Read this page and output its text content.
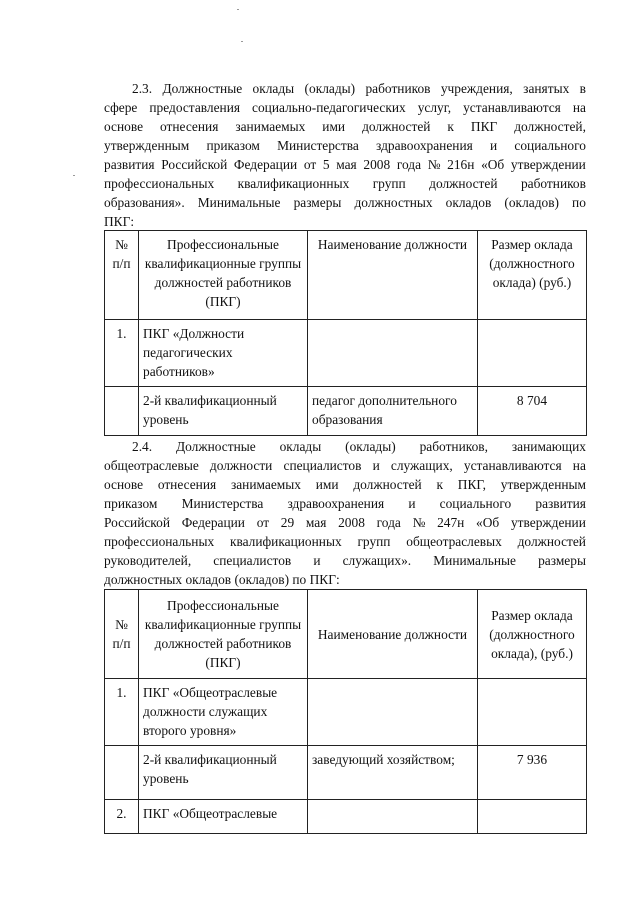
2.3. Должностные оклады (оклады) работников учреждения, занятых в
сфере предоставления социально-педагогических услуг, устанавливаются на
основе отнесения занимаемых ими должностей к ПКГ должностей,
утвержденным приказом Министерства здравоохранения и социального
развития Российской Федерации от 5 мая 2008 года № 216н «Об утверждении
профессиональных квалификационных групп должностей работников
образования». Минимальные размеры должностных окладов (окладов) по
ПКГ:
№ п/п	Профессиональные квалификационные группы должностей работников (ПКГ)	Наименование должности	Размер оклада (должностного оклада) (руб.)
1.	ПКГ «Должности педагогических работников»		
	2-й квалификационный уровень	педагог дополнительного образования	8 704
2.4. Должностные оклады (оклады) работников, занимающих
общеотраслевые должности специалистов и служащих, устанавливаются на
основе отнесения занимаемых ими должностей к ПКГ, утвержденным
приказом Министерства здравоохранения и социального развития
Российской Федерации от 29 мая 2008 года № 247н «Об утверждении
профессиональных квалификационных групп общеотраслевых должностей
руководителей, специалистов и служащих». Минимальные размеры
должностных окладов (окладов) по ПКГ:
№ п/п	Профессиональные квалификационные группы должностей работников (ПКГ)	Наименование должности	Размер оклада (должностного оклада), (руб.)
1.	ПКГ «Общеотраслевые должности служащих второго уровня»		
	2-й квалификационный уровень	заведующий хозяйством;	7 936
2.	ПКГ «Общеотраслевые		
